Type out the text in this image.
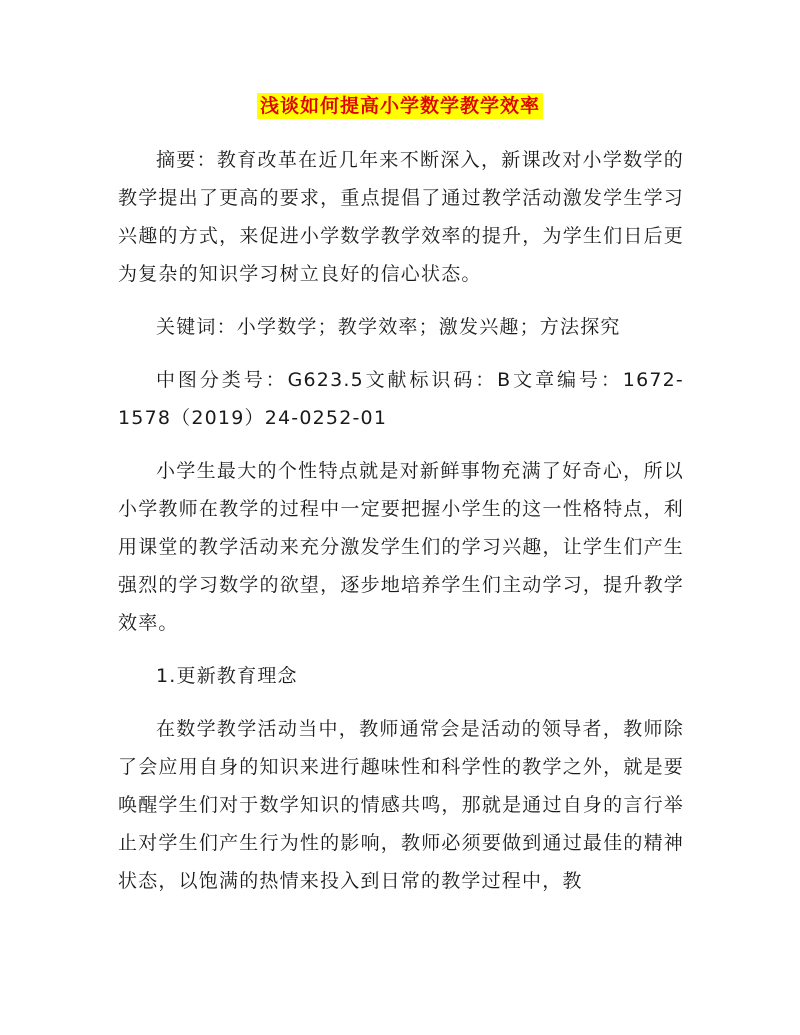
浅谈如何提高小学数学教学效率

摘要：教育改革在近几年来不断深入，新课改对小学数学的教学提出了更高的要求，重点提倡了通过教学活动激发学生学习兴趣的方式，来促进小学数学教学效率的提升，为学生们日后更为复杂的知识学习树立良好的信心状态。

关键词：小学数学；教学效率；激发兴趣；方法探究

中图分类号：G623.5文献标识码：B文章编号：1672-1578（2019）24-0252-01

小学生最大的个性特点就是对新鲜事物充满了好奇心，所以小学教师在教学的过程中一定要把握小学生的这一性格特点，利用课堂的教学活动来充分激发学生们的学习兴趣，让学生们产生强烈的学习数学的欲望，逐步地培养学生们主动学习，提升教学效率。

1.更新教育理念

在数学教学活动当中，教师通常会是活动的领导者，教师除了会应用自身的知识来进行趣味性和科学性的教学之外，就是要唤醒学生们对于数学知识的情感共鸣，那就是通过自身的言行举止对学生们产生行为性的影响，教师必须要做到通过最佳的精神状态，以饱满的热情来投入到日常的教学过程中，教
